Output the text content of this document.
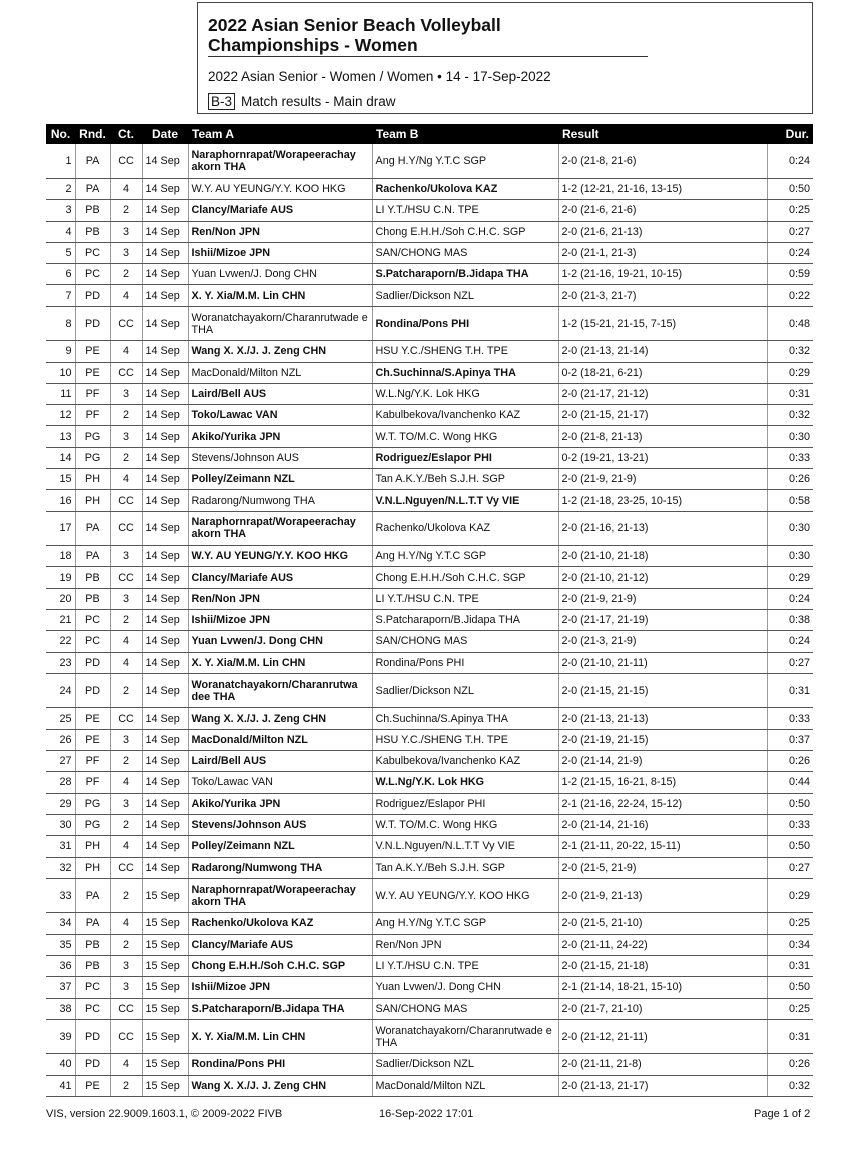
2022 Asian Senior Beach Volleyball
Championships - Women
2022 Asian Senior - Women / Women • 14 - 17-Sep-2022
B-3 Match results - Main draw
No.	Rnd.	Ct.	Date	Team A	Team B	Result	Dur.
1	PA	CC	14 Sep	Naraphornrapat/Worapeerachay akorn THA	Ang H.Y/Ng Y.T.C SGP	2-0 (21-8, 21-6)	0:24
2	PA	4	14 Sep	W.Y. AU YEUNG/Y.Y. KOO HKG	Rachenko/Ukolova KAZ	1-2 (12-21, 21-16, 13-15)	0:50
3	PB	2	14 Sep	Clancy/Mariafe AUS	LI Y.T./HSU C.N. TPE	2-0 (21-6, 21-6)	0:25
4	PB	3	14 Sep	Ren/Non JPN	Chong E.H.H./Soh C.H.C. SGP	2-0 (21-6, 21-13)	0:27
5	PC	3	14 Sep	Ishii/Mizoe JPN	SAN/CHONG MAS	2-0 (21-1, 21-3)	0:24
6	PC	2	14 Sep	Yuan Lvwen/J. Dong CHN	S.Patcharaporn/B.Jidapa THA	1-2 (21-16, 19-21, 10-15)	0:59
7	PD	4	14 Sep	X. Y. Xia/M.M. Lin CHN	Sadlier/Dickson NZL	2-0 (21-3, 21-7)	0:22
8	PD	CC	14 Sep	Woranatchayakorn/Charanrutwade e THA	Rondina/Pons PHI	1-2 (15-21, 21-15, 7-15)	0:48
9	PE	4	14 Sep	Wang X. X./J. J. Zeng CHN	HSU Y.C./SHENG T.H. TPE	2-0 (21-13, 21-14)	0:32
10	PE	CC	14 Sep	MacDonald/Milton NZL	Ch.Suchinna/S.Apinya THA	0-2 (18-21, 6-21)	0:29
11	PF	3	14 Sep	Laird/Bell AUS	W.L.Ng/Y.K. Lok HKG	2-0 (21-17, 21-12)	0:31
12	PF	2	14 Sep	Toko/Lawac VAN	Kabulbekova/Ivanchenko KAZ	2-0 (21-15, 21-17)	0:32
13	PG	3	14 Sep	Akiko/Yurika JPN	W.T. TO/M.C. Wong HKG	2-0 (21-8, 21-13)	0:30
14	PG	2	14 Sep	Stevens/Johnson AUS	Rodriguez/Eslapor PHI	0-2 (19-21, 13-21)	0:33
15	PH	4	14 Sep	Polley/Zeimann NZL	Tan A.K.Y./Beh S.J.H. SGP	2-0 (21-9, 21-9)	0:26
16	PH	CC	14 Sep	Radarong/Numwong THA	V.N.L.Nguyen/N.L.T.T Vy VIE	1-2 (21-18, 23-25, 10-15)	0:58
17	PA	CC	14 Sep	Naraphornrapat/Worapeerachay akorn THA	Rachenko/Ukolova KAZ	2-0 (21-16, 21-13)	0:30
18	PA	3	14 Sep	W.Y. AU YEUNG/Y.Y. KOO HKG	Ang H.Y/Ng Y.T.C SGP	2-0 (21-10, 21-18)	0:30
19	PB	CC	14 Sep	Clancy/Mariafe AUS	Chong E.H.H./Soh C.H.C. SGP	2-0 (21-10, 21-12)	0:29
20	PB	3	14 Sep	Ren/Non JPN	LI Y.T./HSU C.N. TPE	2-0 (21-9, 21-9)	0:24
21	PC	2	14 Sep	Ishii/Mizoe JPN	S.Patcharaporn/B.Jidapa THA	2-0 (21-17, 21-19)	0:38
22	PC	4	14 Sep	Yuan Lvwen/J. Dong CHN	SAN/CHONG MAS	2-0 (21-3, 21-9)	0:24
23	PD	4	14 Sep	X. Y. Xia/M.M. Lin CHN	Rondina/Pons PHI	2-0 (21-10, 21-11)	0:27
24	PD	2	14 Sep	Woranatchayakorn/Charanrutwa dee THA	Sadlier/Dickson NZL	2-0 (21-15, 21-15)	0:31
25	PE	CC	14 Sep	Wang X. X./J. J. Zeng CHN	Ch.Suchinna/S.Apinya THA	2-0 (21-13, 21-13)	0:33
26	PE	3	14 Sep	MacDonald/Milton NZL	HSU Y.C./SHENG T.H. TPE	2-0 (21-19, 21-15)	0:37
27	PF	2	14 Sep	Laird/Bell AUS	Kabulbekova/Ivanchenko KAZ	2-0 (21-14, 21-9)	0:26
28	PF	4	14 Sep	Toko/Lawac VAN	W.L.Ng/Y.K. Lok HKG	1-2 (21-15, 16-21, 8-15)	0:44
29	PG	3	14 Sep	Akiko/Yurika JPN	Rodriguez/Eslapor PHI	2-1 (21-16, 22-24, 15-12)	0:50
30	PG	2	14 Sep	Stevens/Johnson AUS	W.T. TO/M.C. Wong HKG	2-0 (21-14, 21-16)	0:33
31	PH	4	14 Sep	Polley/Zeimann NZL	V.N.L.Nguyen/N.L.T.T Vy VIE	2-1 (21-11, 20-22, 15-11)	0:50
32	PH	CC	14 Sep	Radarong/Numwong THA	Tan A.K.Y./Beh S.J.H. SGP	2-0 (21-5, 21-9)	0:27
33	PA	2	15 Sep	Naraphornrapat/Worapeerachay akorn THA	W.Y. AU YEUNG/Y.Y. KOO HKG	2-0 (21-9, 21-13)	0:29
34	PA	4	15 Sep	Rachenko/Ukolova KAZ	Ang H.Y/Ng Y.T.C SGP	2-0 (21-5, 21-10)	0:25
35	PB	2	15 Sep	Clancy/Mariafe AUS	Ren/Non JPN	2-0 (21-11, 24-22)	0:34
36	PB	3	15 Sep	Chong E.H.H./Soh C.H.C. SGP	LI Y.T./HSU C.N. TPE	2-0 (21-15, 21-18)	0:31
37	PC	3	15 Sep	Ishii/Mizoe JPN	Yuan Lvwen/J. Dong CHN	2-1 (21-14, 18-21, 15-10)	0:50
38	PC	CC	15 Sep	S.Patcharaporn/B.Jidapa THA	SAN/CHONG MAS	2-0 (21-7, 21-10)	0:25
39	PD	CC	15 Sep	X. Y. Xia/M.M. Lin CHN	Woranatchayakorn/Charanrutwade e THA	2-0 (21-12, 21-11)	0:31
40	PD	4	15 Sep	Rondina/Pons PHI	Sadlier/Dickson NZL	2-0 (21-11, 21-8)	0:26
41	PE	2	15 Sep	Wang X. X./J. J. Zeng CHN	MacDonald/Milton NZL	2-0 (21-13, 21-17)	0:32
VIS, version 22.9009.1603.1, © 2009-2022 FIVB	16-Sep-2022 17:01	Page 1 of 2
